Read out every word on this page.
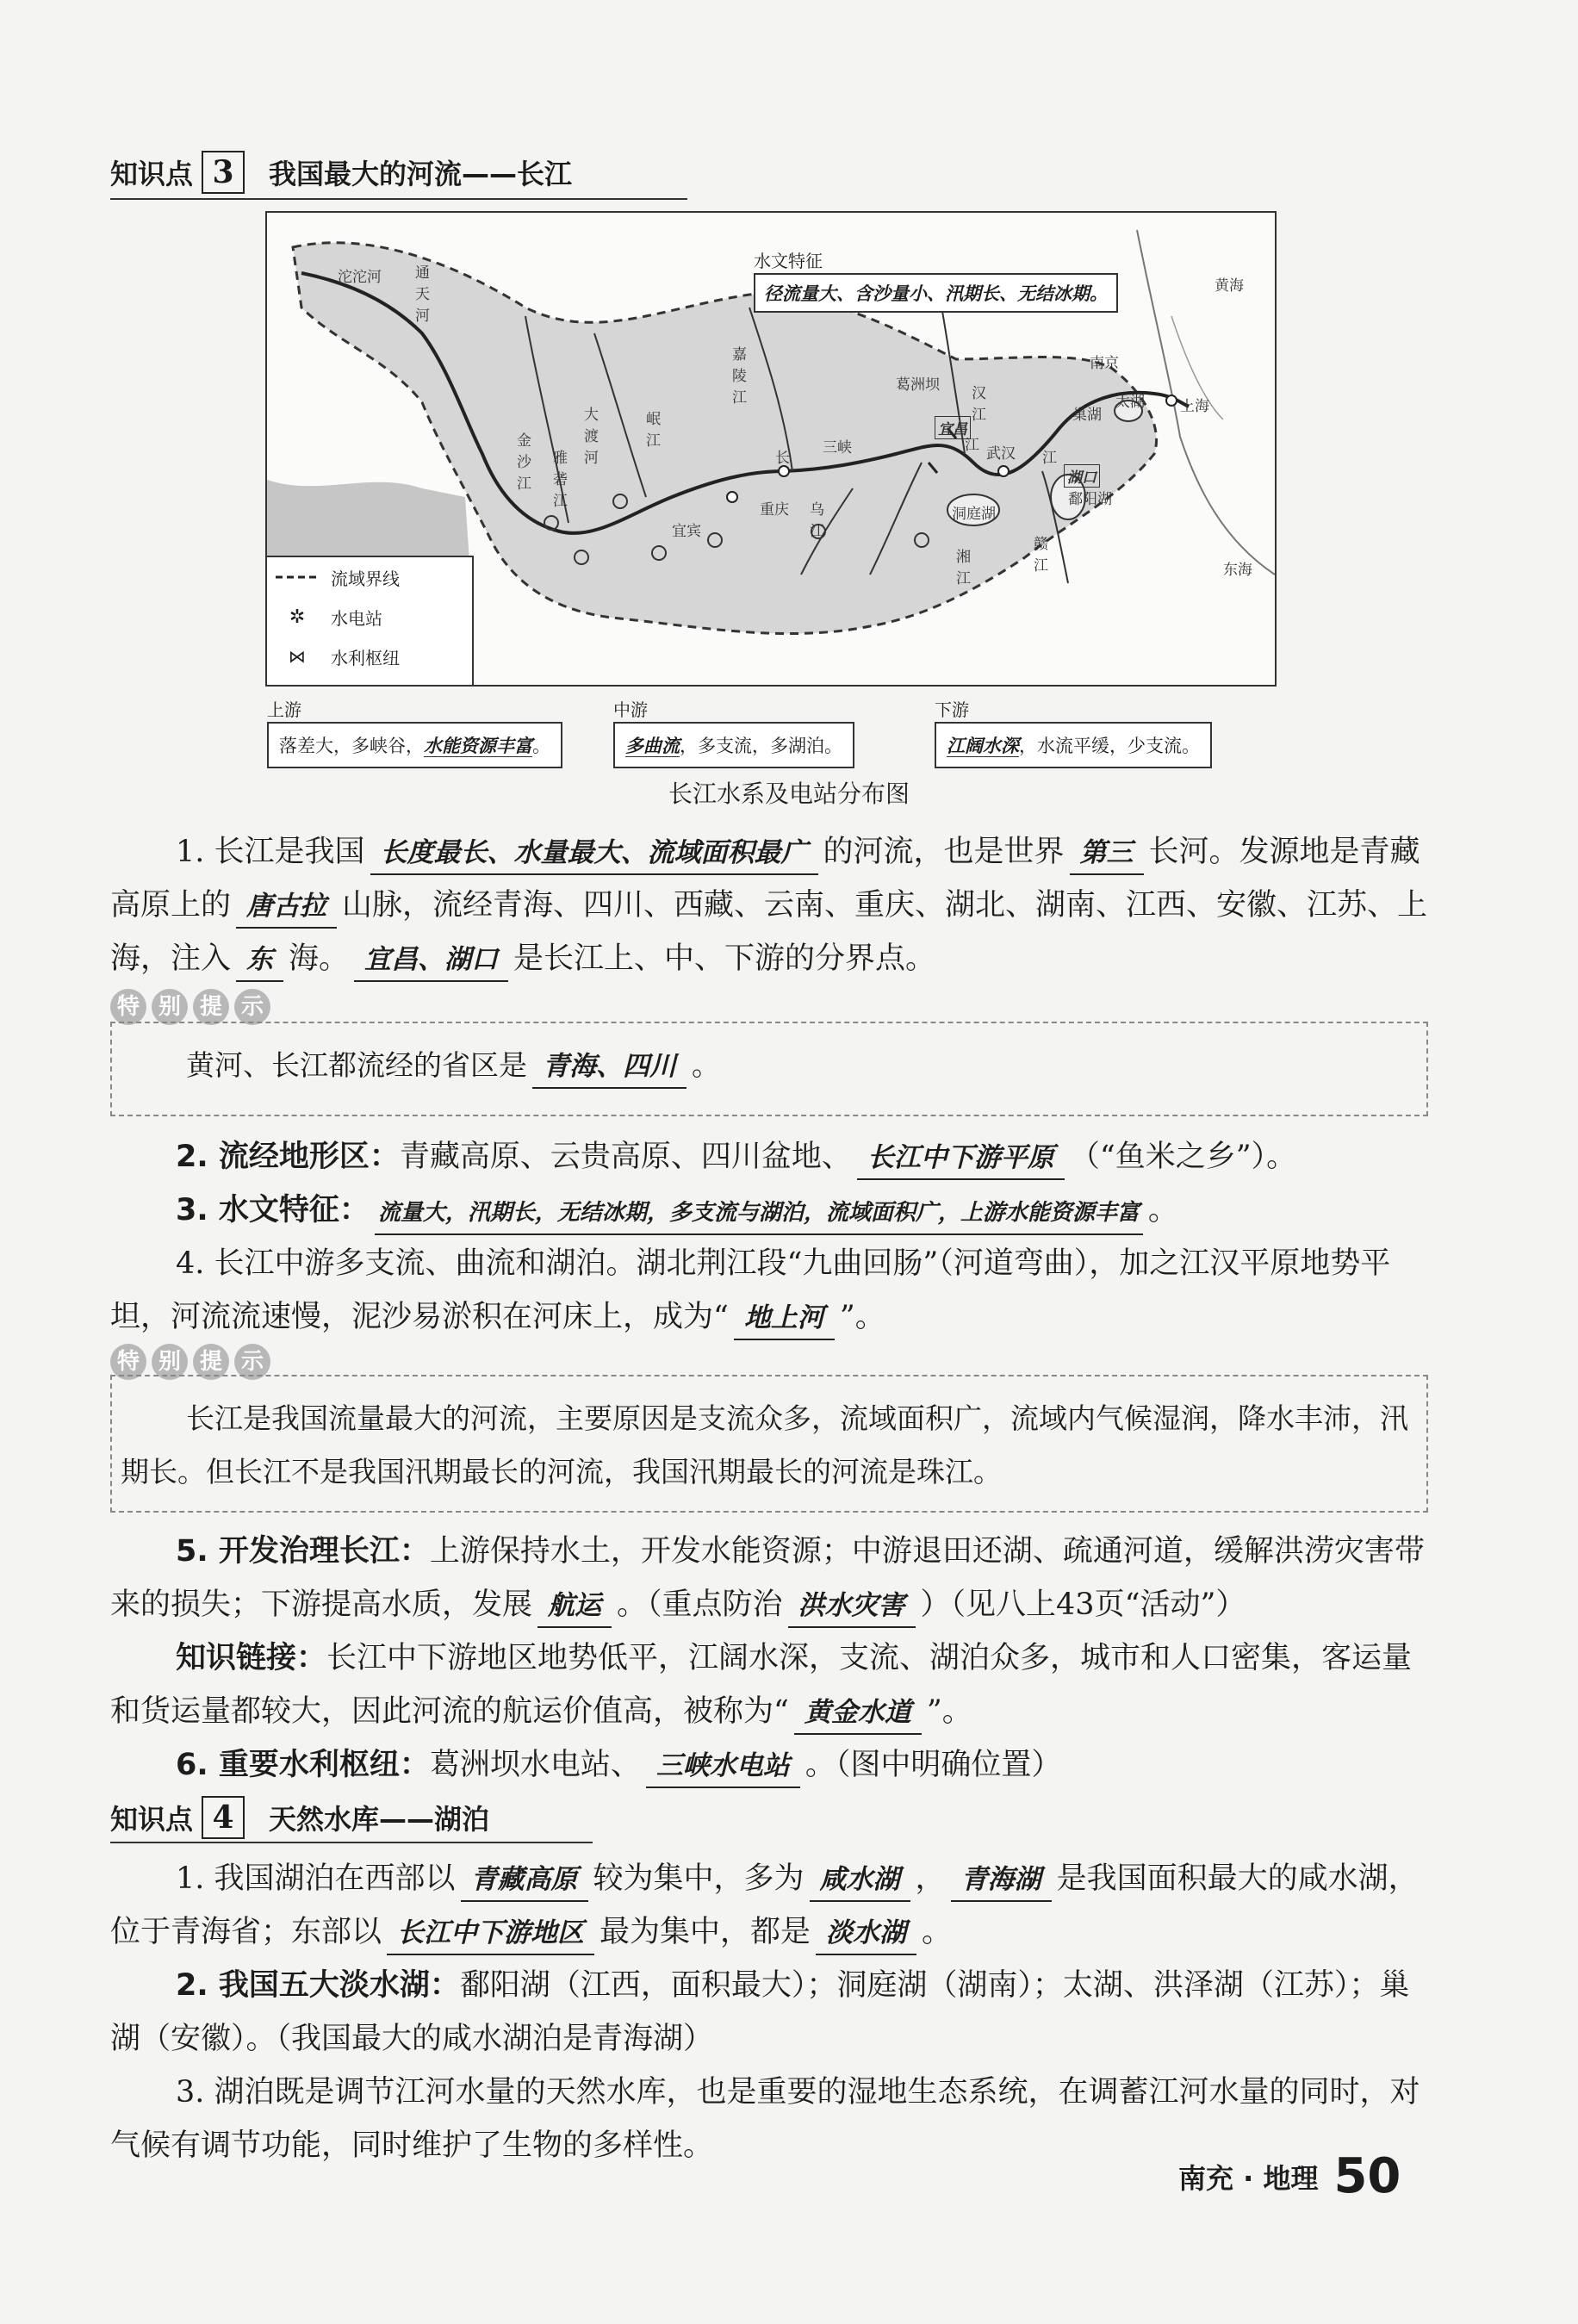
知识点 3	我国最大的河流——长江
沱沱河 通天河
金沙江
雅砻江
大渡河
岷江
嘉陵江
葛洲坝 汉江
宜昌
武汉
江
江
三峡
长
重庆
宜宾
乌江
洞庭湖
湘江
湖口
鄱阳湖
赣江
南京
巢湖
太湖 上海
黄海
东海
水文特征
径流量大、含沙量小、汛期长、无结冰期。
流域界线
✲	水电站
⋈	水利枢纽
上游
落差大，多峡谷，水能资源丰富。
中游
多曲流，多支流，多湖泊。
下游
江阔水深，水流平缓，少支流。
长江水系及电站分布图

1. 长江是我国 长度最长、水量最大、流域面积最广 的河流，也是世界 第三 长河。发源地是青藏高原上的 唐古拉 山脉，流经青海、四川、西藏、云南、重庆、湖北、湖南、江西、安徽、江苏、上海，注入 东 海。 宜昌、湖口 是长江上、中、下游的分界点。

特 别 提 示
黄河、长江都流经的省区是 青海、四川 。

2. 流经地形区：青藏高原、云贵高原、四川盆地、 长江中下游平原 （“鱼米之乡”）。

3. 水文特征： 流量大，汛期长，无结冰期，多支流与湖泊，流域面积广，上游水能资源丰富 。

4. 长江中游多支流、曲流和湖泊。湖北荆江段“九曲回肠”（河道弯曲），加之江汉平原地势平坦，河流流速慢，泥沙易淤积在河床上，成为“ 地上河 ”。

特 别 提 示
长江是我国流量最大的河流，主要原因是支流众多，流域面积广，流域内气候湿润，降水丰沛，汛期长。但长江不是我国汛期最长的河流，我国汛期最长的河流是珠江。

5. 开发治理长江：上游保持水土，开发水能资源；中游退田还湖、疏通河道，缓解洪涝灾害带来的损失；下游提高水质，发展 航运 。（重点防治 洪水灾害 ）（见八上43页“活动”）

知识链接：长江中下游地区地势低平，江阔水深，支流、湖泊众多，城市和人口密集，客运量和货运量都较大，因此河流的航运价值高，被称为“ 黄金水道 ”。

6. 重要水利枢纽：葛洲坝水电站、 三峡水电站 。（图中明确位置）

知识点 4	天然水库——湖泊

1. 我国湖泊在西部以 青藏高原 较为集中，多为 咸水湖 ， 青海湖 是我国面积最大的咸水湖，位于青海省；东部以 长江中下游地区 最为集中，都是 淡水湖 。

2. 我国五大淡水湖：鄱阳湖（江西，面积最大）；洞庭湖（湖南）；太湖、洪泽湖（江苏）；巢湖（安徽）。（我国最大的咸水湖泊是青海湖）

3. 湖泊既是调节江河水量的天然水库，也是重要的湿地生态系统，在调蓄江河水量的同时，对气候有调节功能，同时维护了生物的多样性。

南充 · 地理 50
